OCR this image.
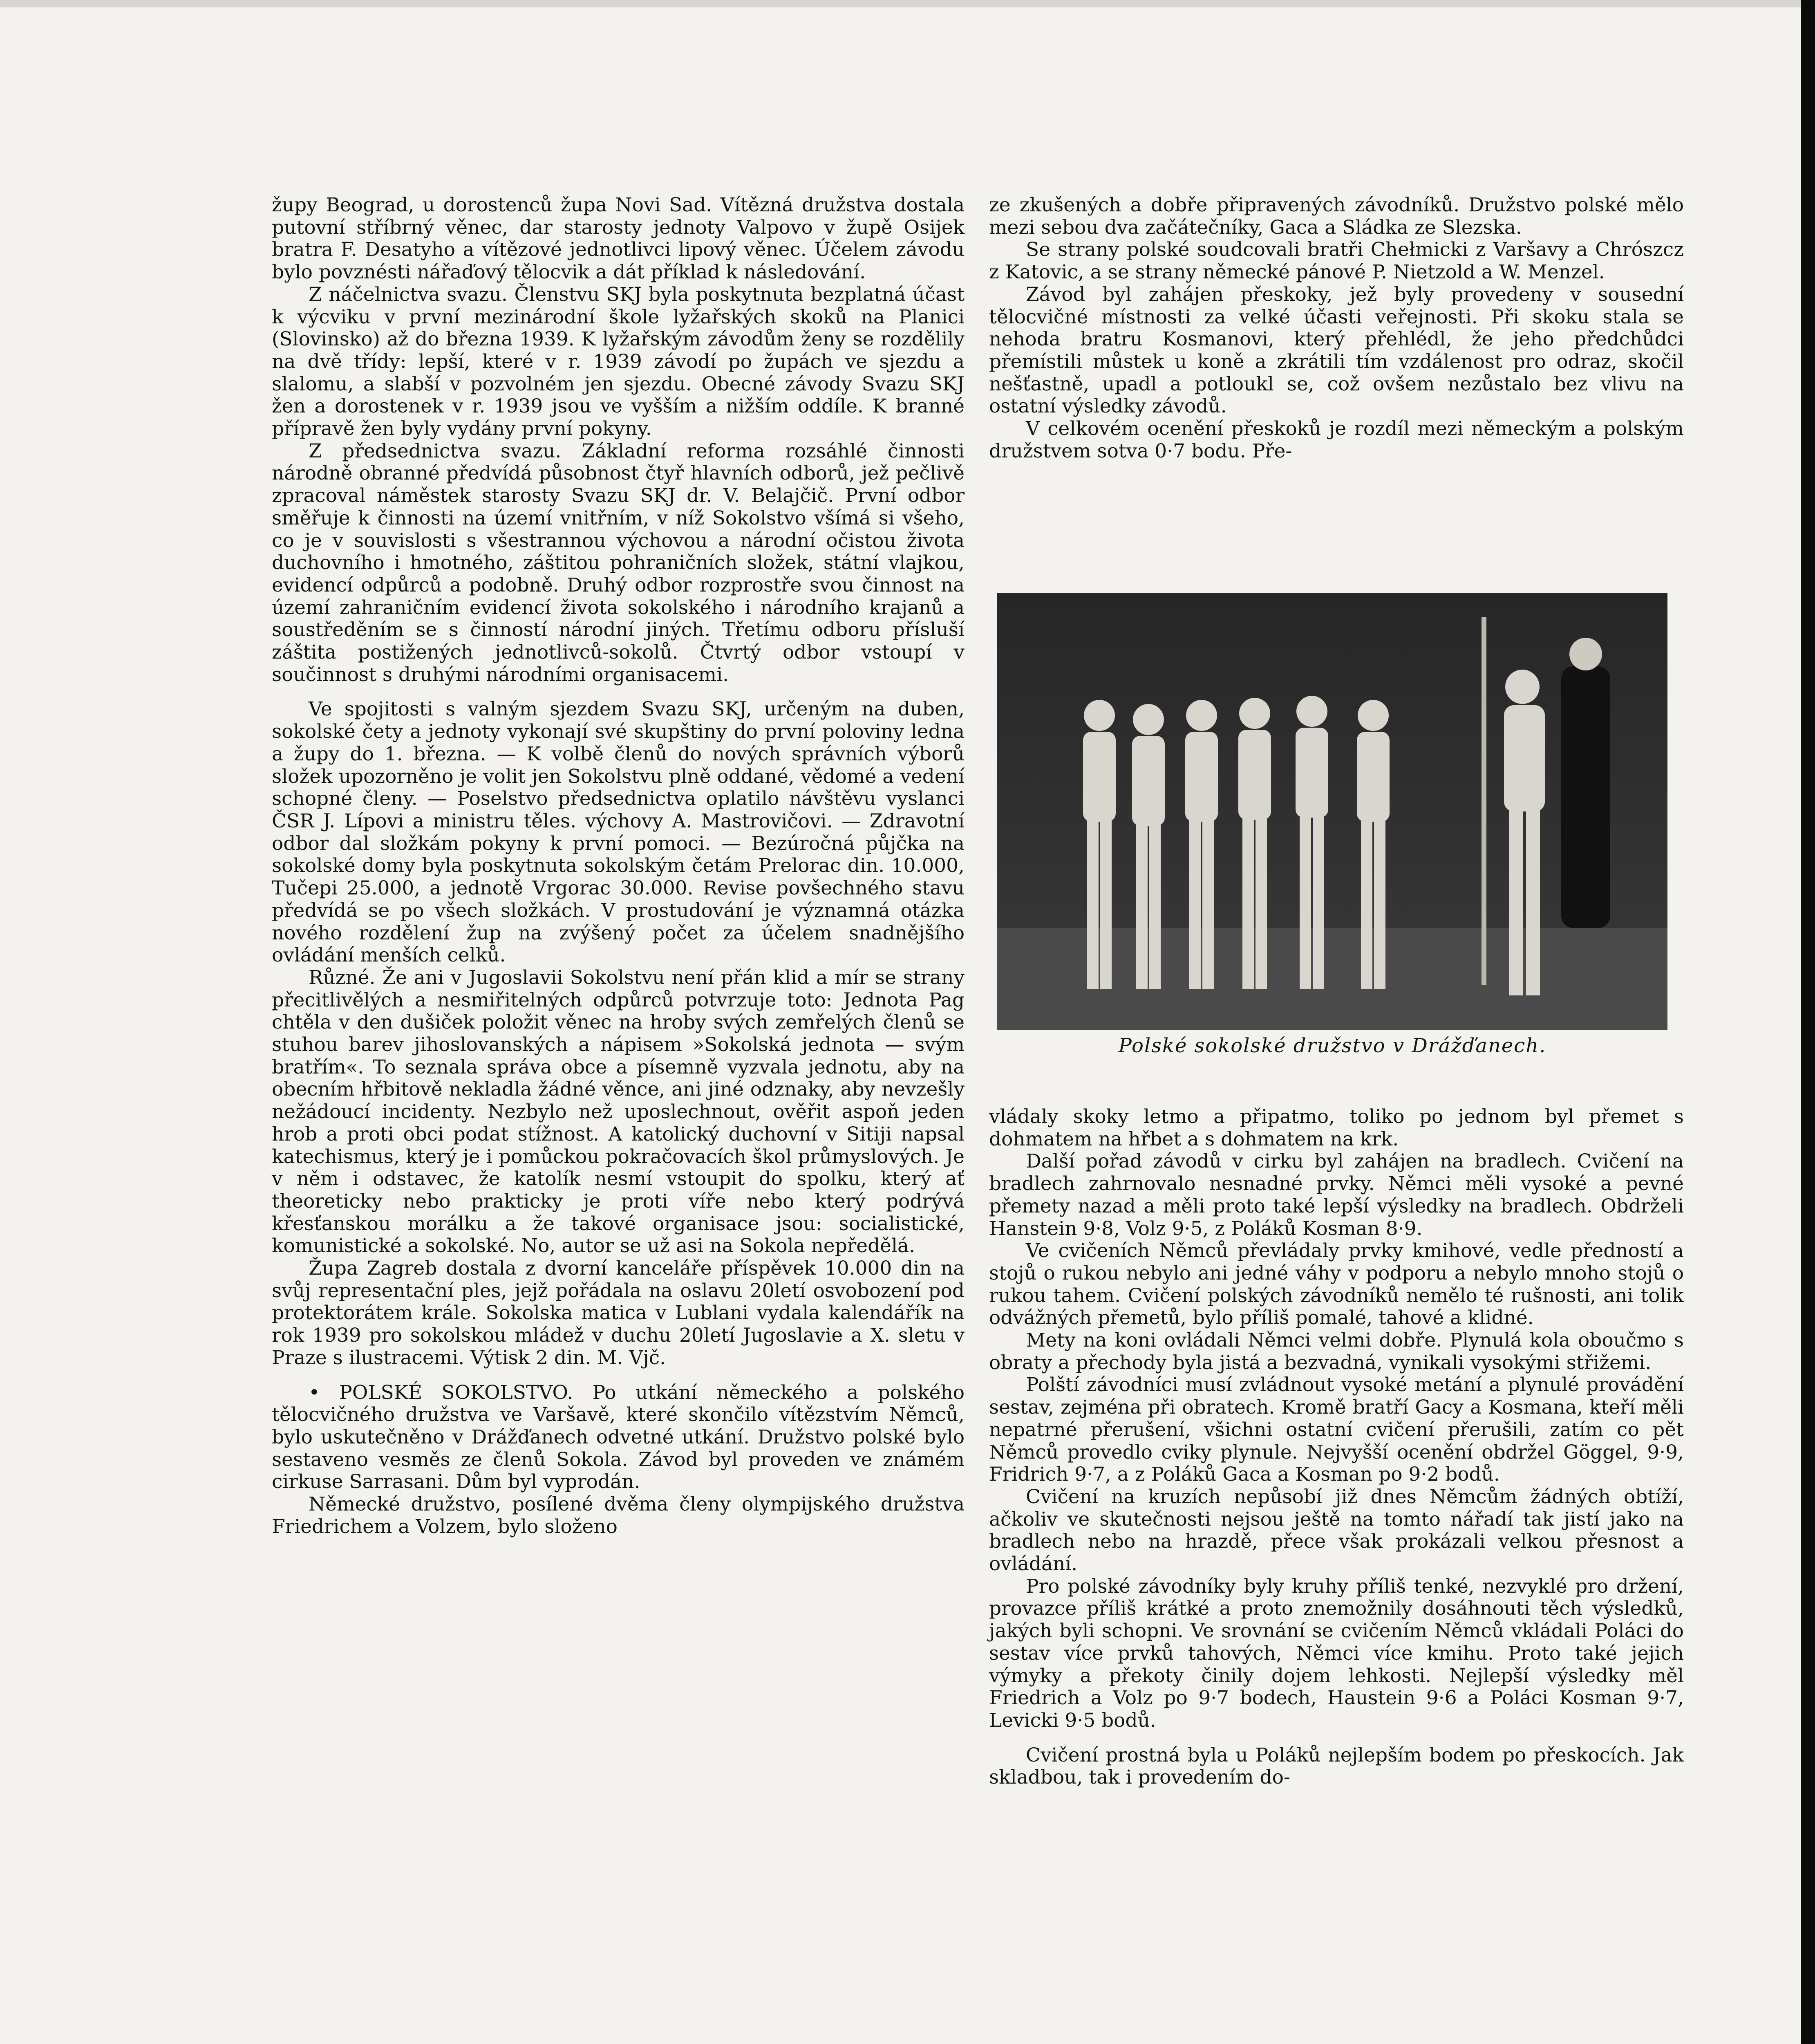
župy Beograd, u dorostenců župa Novi Sad. Vítězná družstva dostala putovní stříbrný věnec, dar starosty jednoty Valpovo v župě Osijek bratra F. Desatyho a vítězové jednotlivci lipový věnec. Účelem závodu bylo povznésti nářaďový tělocvik a dát příklad k následování.

Z náčelnictva svazu. Členstvu SKJ byla poskytnuta bezplatná účast k výcviku v první mezinárodní škole lyžařských skoků na Planici (Slovinsko) až do března 1939. K lyžařským závodům ženy se rozdělily na dvě třídy: lepší, které v r. 1939 závodí po župách ve sjezdu a slalomu, a slabší v pozvolném jen sjezdu. Obecné závody Svazu SKJ žen a dorostenek v r. 1939 jsou ve vyšším a nižším oddíle. K branné přípravě žen byly vydány první pokyny.

Z předsednictva svazu. Základní reforma rozsáhlé činnosti národně obranné předvídá působnost čtyř hlavních odborů, jež pečlivě zpracoval náměstek starosty Svazu SKJ dr. V. Belajčič. První odbor směřuje k činnosti na území vnitřním, v níž Sokolstvo všímá si všeho, co je v souvislosti s všestrannou výchovou a národní očistou života duchovního i hmotného, záštitou pohraničních složek, státní vlajkou, evidencí odpůrců a podobně. Druhý odbor rozprostře svou činnost na území zahraničním evidencí života sokolského i národního krajanů a soustředěním se s činností národní jiných. Třetímu odboru přísluší záštita postižených jednotlivců-sokolů. Čtvrtý odbor vstoupí v součinnost s druhými národními organisacemi.

Ve spojitosti s valným sjezdem Svazu SKJ, určeným na duben, sokolské čety a jednoty vykonají své skupštiny do první poloviny ledna a župy do 1. března. — K volbě členů do nových správních výborů složek upozorněno je volit jen Sokolstvu plně oddané, vědomé a vedení schopné členy. — Poselstvo předsednictva oplatilo návštěvu vyslanci ČSR J. Lípovi a ministru těles. výchovy A. Mastrovičovi. — Zdravotní odbor dal složkám pokyny k první pomoci. — Bezúročná půjčka na sokolské domy byla poskytnuta sokolským četám Prelorac din. 10.000, Tučepi 25.000, a jednotě Vrgorac 30.000. Revise povšechného stavu předvídá se po všech složkách. V prostudování je významná otázka nového rozdělení žup na zvýšený počet za účelem snadnějšího ovládání menších celků.

Různé. Že ani v Jugoslavii Sokolstvu není přán klid a mír se strany přecitlivělých a nesmiřitelných odpůrců potvrzuje toto: Jednota Pag chtěla v den dušiček položit věnec na hroby svých zemřelých členů se stuhou barev jihoslovanských a nápisem »Sokolská jednota — svým bratřím«. To seznala správa obce a písemně vyzvala jednotu, aby na obecním hřbitově nekladla žádné věnce, ani jiné odznaky, aby nevzešly nežádoucí incidenty. Nezbylo než uposlechnout, ověřit aspoň jeden hrob a proti obci podat stížnost. A katolický duchovní v Sitiji napsal katechismus, který je i pomůckou pokračovacích škol průmyslových. Je v něm i odstavec, že katolík nesmí vstoupit do spolku, který ať theoreticky nebo prakticky je proti víře nebo který podrývá křesťanskou morálku a že takové organisace jsou: socialistické, komunistické a sokolské. No, autor se už asi na Sokola nepředělá.

Župa Zagreb dostala z dvorní kanceláře příspěvek 10.000 din na svůj representační ples, jejž pořádala na oslavu 20letí osvobození pod protektorátem krále. Sokolska matica v Lublani vydala kalendářík na rok 1939 pro sokolskou mládež v duchu 20letí Jugoslavie a X. sletu v Praze s ilustracemi. Výtisk 2 din. M. Vjč.

• POLSKÉ SOKOLSTVO. Po utkání německého a polského tělocvičného družstva ve Varšavě, které skončilo vítězstvím Němců, bylo uskutečněno v Drážďanech odvetné utkání. Družstvo polské bylo sestaveno vesměs ze členů Sokola. Závod byl proveden ve známém cirkuse Sarrasani. Dům byl vyprodán.

Německé družstvo, posílené dvěma členy olympijského družstva Friedrichem a Volzem, bylo složeno

ze zkušených a dobře připravených závodníků. Družstvo polské mělo mezi sebou dva začátečníky, Gaca a Sládka ze Slezska.

Se strany polské soudcovali bratři Chełmicki z Varšavy a Chrószcz z Katovic, a se strany německé pánové P. Nietzold a W. Menzel.

Závod byl zahájen přeskoky, jež byly provedeny v sousední tělocvičné místnosti za velké účasti veřejnosti. Při skoku stala se nehoda bratru Kosmanovi, který přehlédl, že jeho předchůdci přemístili můstek u koně a zkrátili tím vzdálenost pro odraz, skočil nešťastně, upadl a potloukl se, což ovšem nezůstalo bez vlivu na ostatní výsledky závodů.

V celkovém ocenění přeskoků je rozdíl mezi německým a polským družstvem sotva 0·7 bodu. Pře-

Polské sokolské družstvo v Drážďanech.

vládaly skoky letmo a připatmo, toliko po jednom byl přemet s dohmatem na hřbet a s dohmatem na krk.

Další pořad závodů v cirku byl zahájen na bradlech. Cvičení na bradlech zahrnovalo nesnadné prvky. Němci měli vysoké a pevné přemety nazad a měli proto také lepší výsledky na bradlech. Obdrželi Hanstein 9·8, Volz 9·5, z Poláků Kosman 8·9.

Ve cvičeních Němců převládaly prvky kmihové, vedle předností a stojů o rukou nebylo ani jedné váhy v podporu a nebylo mnoho stojů o rukou tahem. Cvičení polských závodníků nemělo té rušnosti, ani tolik odvážných přemetů, bylo příliš pomalé, tahové a klidné.

Mety na koni ovládali Němci velmi dobře. Plynulá kola oboučmo s obraty a přechody byla jistá a bezvadná, vynikali vysokými střižemi.

Polští závodníci musí zvládnout vysoké metání a plynulé provádění sestav, zejména při obratech. Kromě bratří Gacy a Kosmana, kteří měli nepatrné přerušení, všichni ostatní cvičení přerušili, zatím co pět Němců provedlo cviky plynule. Nejvyšší ocenění obdržel Göggel, 9·9, Fridrich 9·7, a z Poláků Gaca a Kosman po 9·2 bodů.

Cvičení na kruzích nepůsobí již dnes Němcům žádných obtíží, ačkoliv ve skutečnosti nejsou ještě na tomto nářadí tak jistí jako na bradlech nebo na hrazdě, přece však prokázali velkou přesnost a ovládání.

Pro polské závodníky byly kruhy příliš tenké, nezvyklé pro držení, provazce příliš krátké a proto znemožnily dosáhnouti těch výsledků, jakých byli schopni. Ve srovnání se cvičením Němců vkládali Poláci do sestav více prvků tahových, Němci více kmihu. Proto také jejich výmyky a překoty činily dojem lehkosti. Nejlepší výsledky měl Friedrich a Volz po 9·7 bodech, Haustein 9·6 a Poláci Kosman 9·7, Levicki 9·5 bodů.

Cvičení prostná byla u Poláků nejlepším bodem po přeskocích. Jak skladbou, tak i provedením do-
